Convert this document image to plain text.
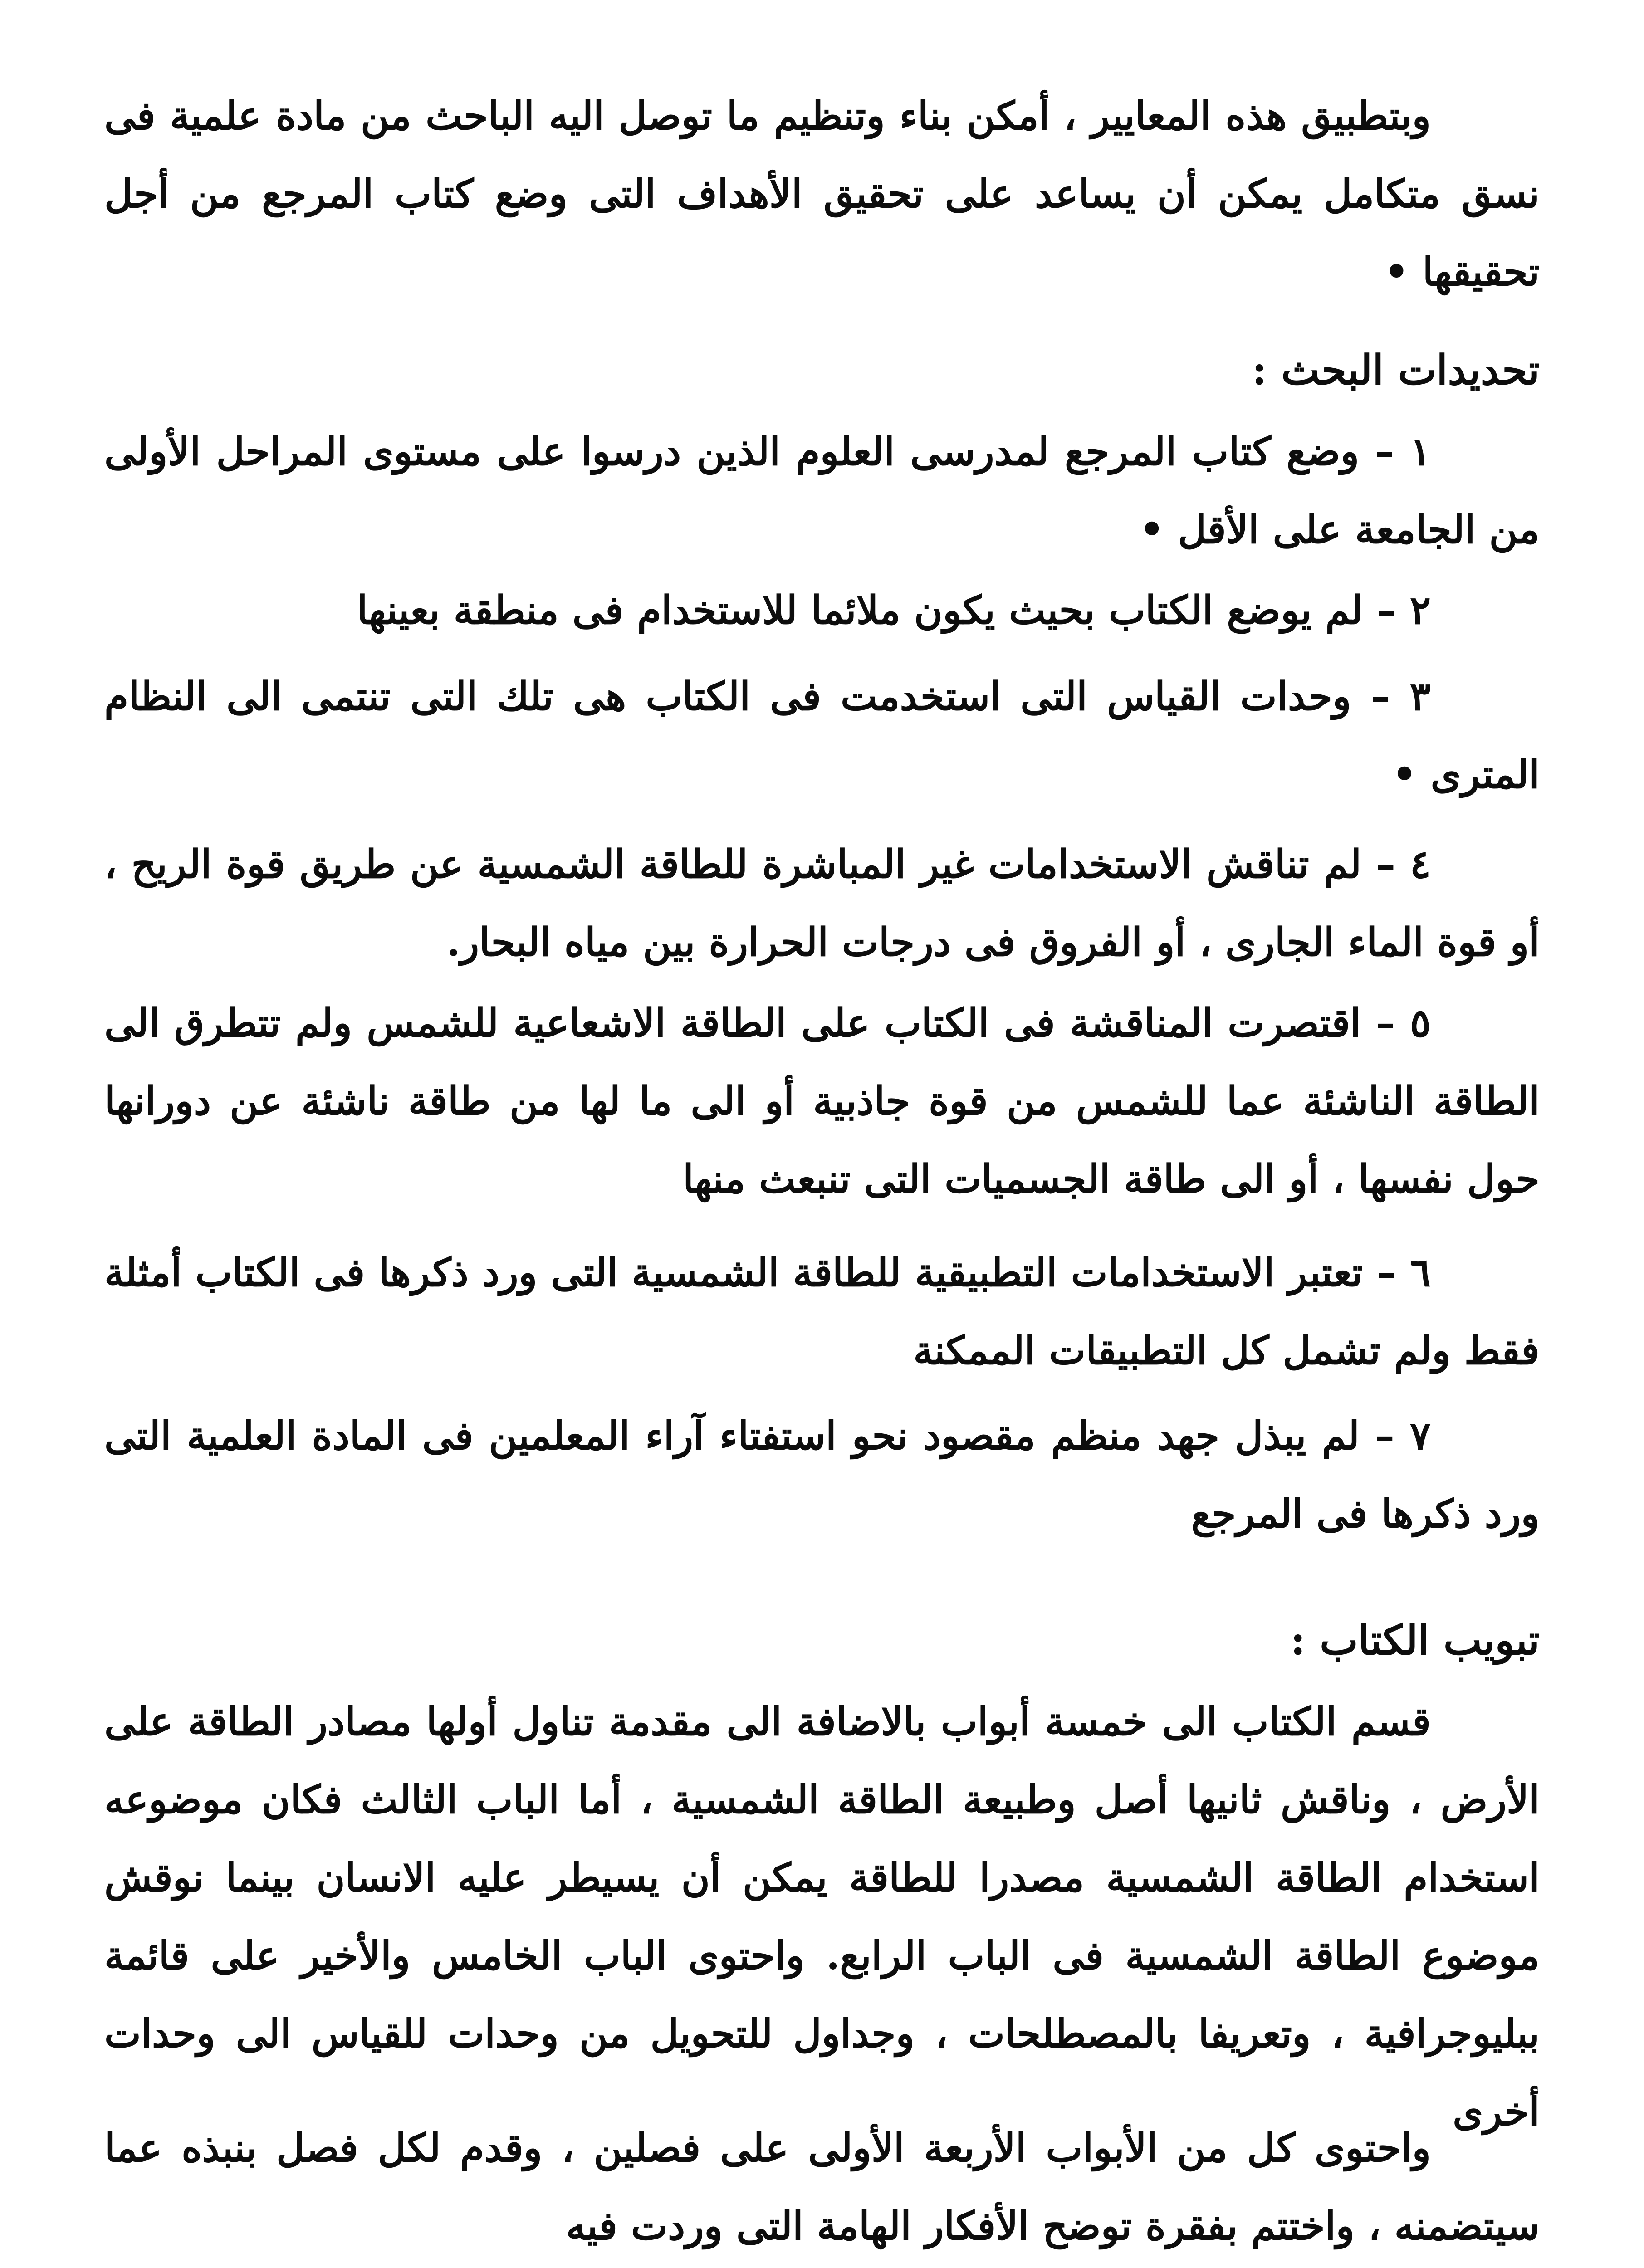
وبتطبيق هذه المعايير ، أمكن بناء وتنظيم ما توصل اليه الباحث من مادة علمية فى نسق متكامل يمكن أن يساعد على تحقيق الأهداف التى وضع كتاب المرجع من أجل تحقيقها •

تحديدات البحث :

١ – وضع كتاب المرجع لمدرسى العلوم الذين درسوا على مستوى المراحل الأولى من الجامعة على الأقل •

٢ – لم يوضع الكتاب بحيث يكون ملائما للاستخدام فى منطقة بعينها

٣ – وحدات القياس التى استخدمت فى الكتاب هى تلك التى تنتمى الى النظام المترى •

٤ – لم تناقش الاستخدامات غير المباشرة للطاقة الشمسية عن طريق قوة الريح ، أو قوة الماء الجارى ، أو الفروق فى درجات الحرارة بين مياه البحار.

٥ – اقتصرت المناقشة فى الكتاب على الطاقة الاشعاعية للشمس ولم تتطرق الى الطاقة الناشئة عما للشمس من قوة جاذبية أو الى ما لها من طاقة ناشئة عن دورانها حول نفسها ، أو الى طاقة الجسميات التى تنبعث منها

٦ – تعتبر الاستخدامات التطبيقية للطاقة الشمسية التى ورد ذكرها فى الكتاب أمثلة فقط ولم تشمل كل التطبيقات الممكنة

٧ – لم يبذل جهد منظم مقصود نحو استفتاء آراء المعلمين فى المادة العلمية التى ورد ذكرها فى المرجع

تبويب الكتاب :

قسم الكتاب الى خمسة أبواب بالاضافة الى مقدمة تناول أولها مصادر الطاقة على الأرض ، وناقش ثانيها أصل وطبيعة الطاقة الشمسية ، أما الباب الثالث فكان موضوعه استخدام الطاقة الشمسية مصدرا للطاقة يمكن أن يسيطر عليه الانسان بينما نوقش موضوع الطاقة الشمسية فى الباب الرابع. واحتوى الباب الخامس والأخير على قائمة ببليوجرافية ، وتعريفا بالمصطلحات ، وجداول للتحويل من وحدات للقياس الى وحدات أخرى

واحتوى كل من الأبواب الأربعة الأولى على فصلين ، وقدم لكل فصل بنبذه عما سيتضمنه ، واختتم بفقرة توضح الأفكار الهامة التى وردت فيه
